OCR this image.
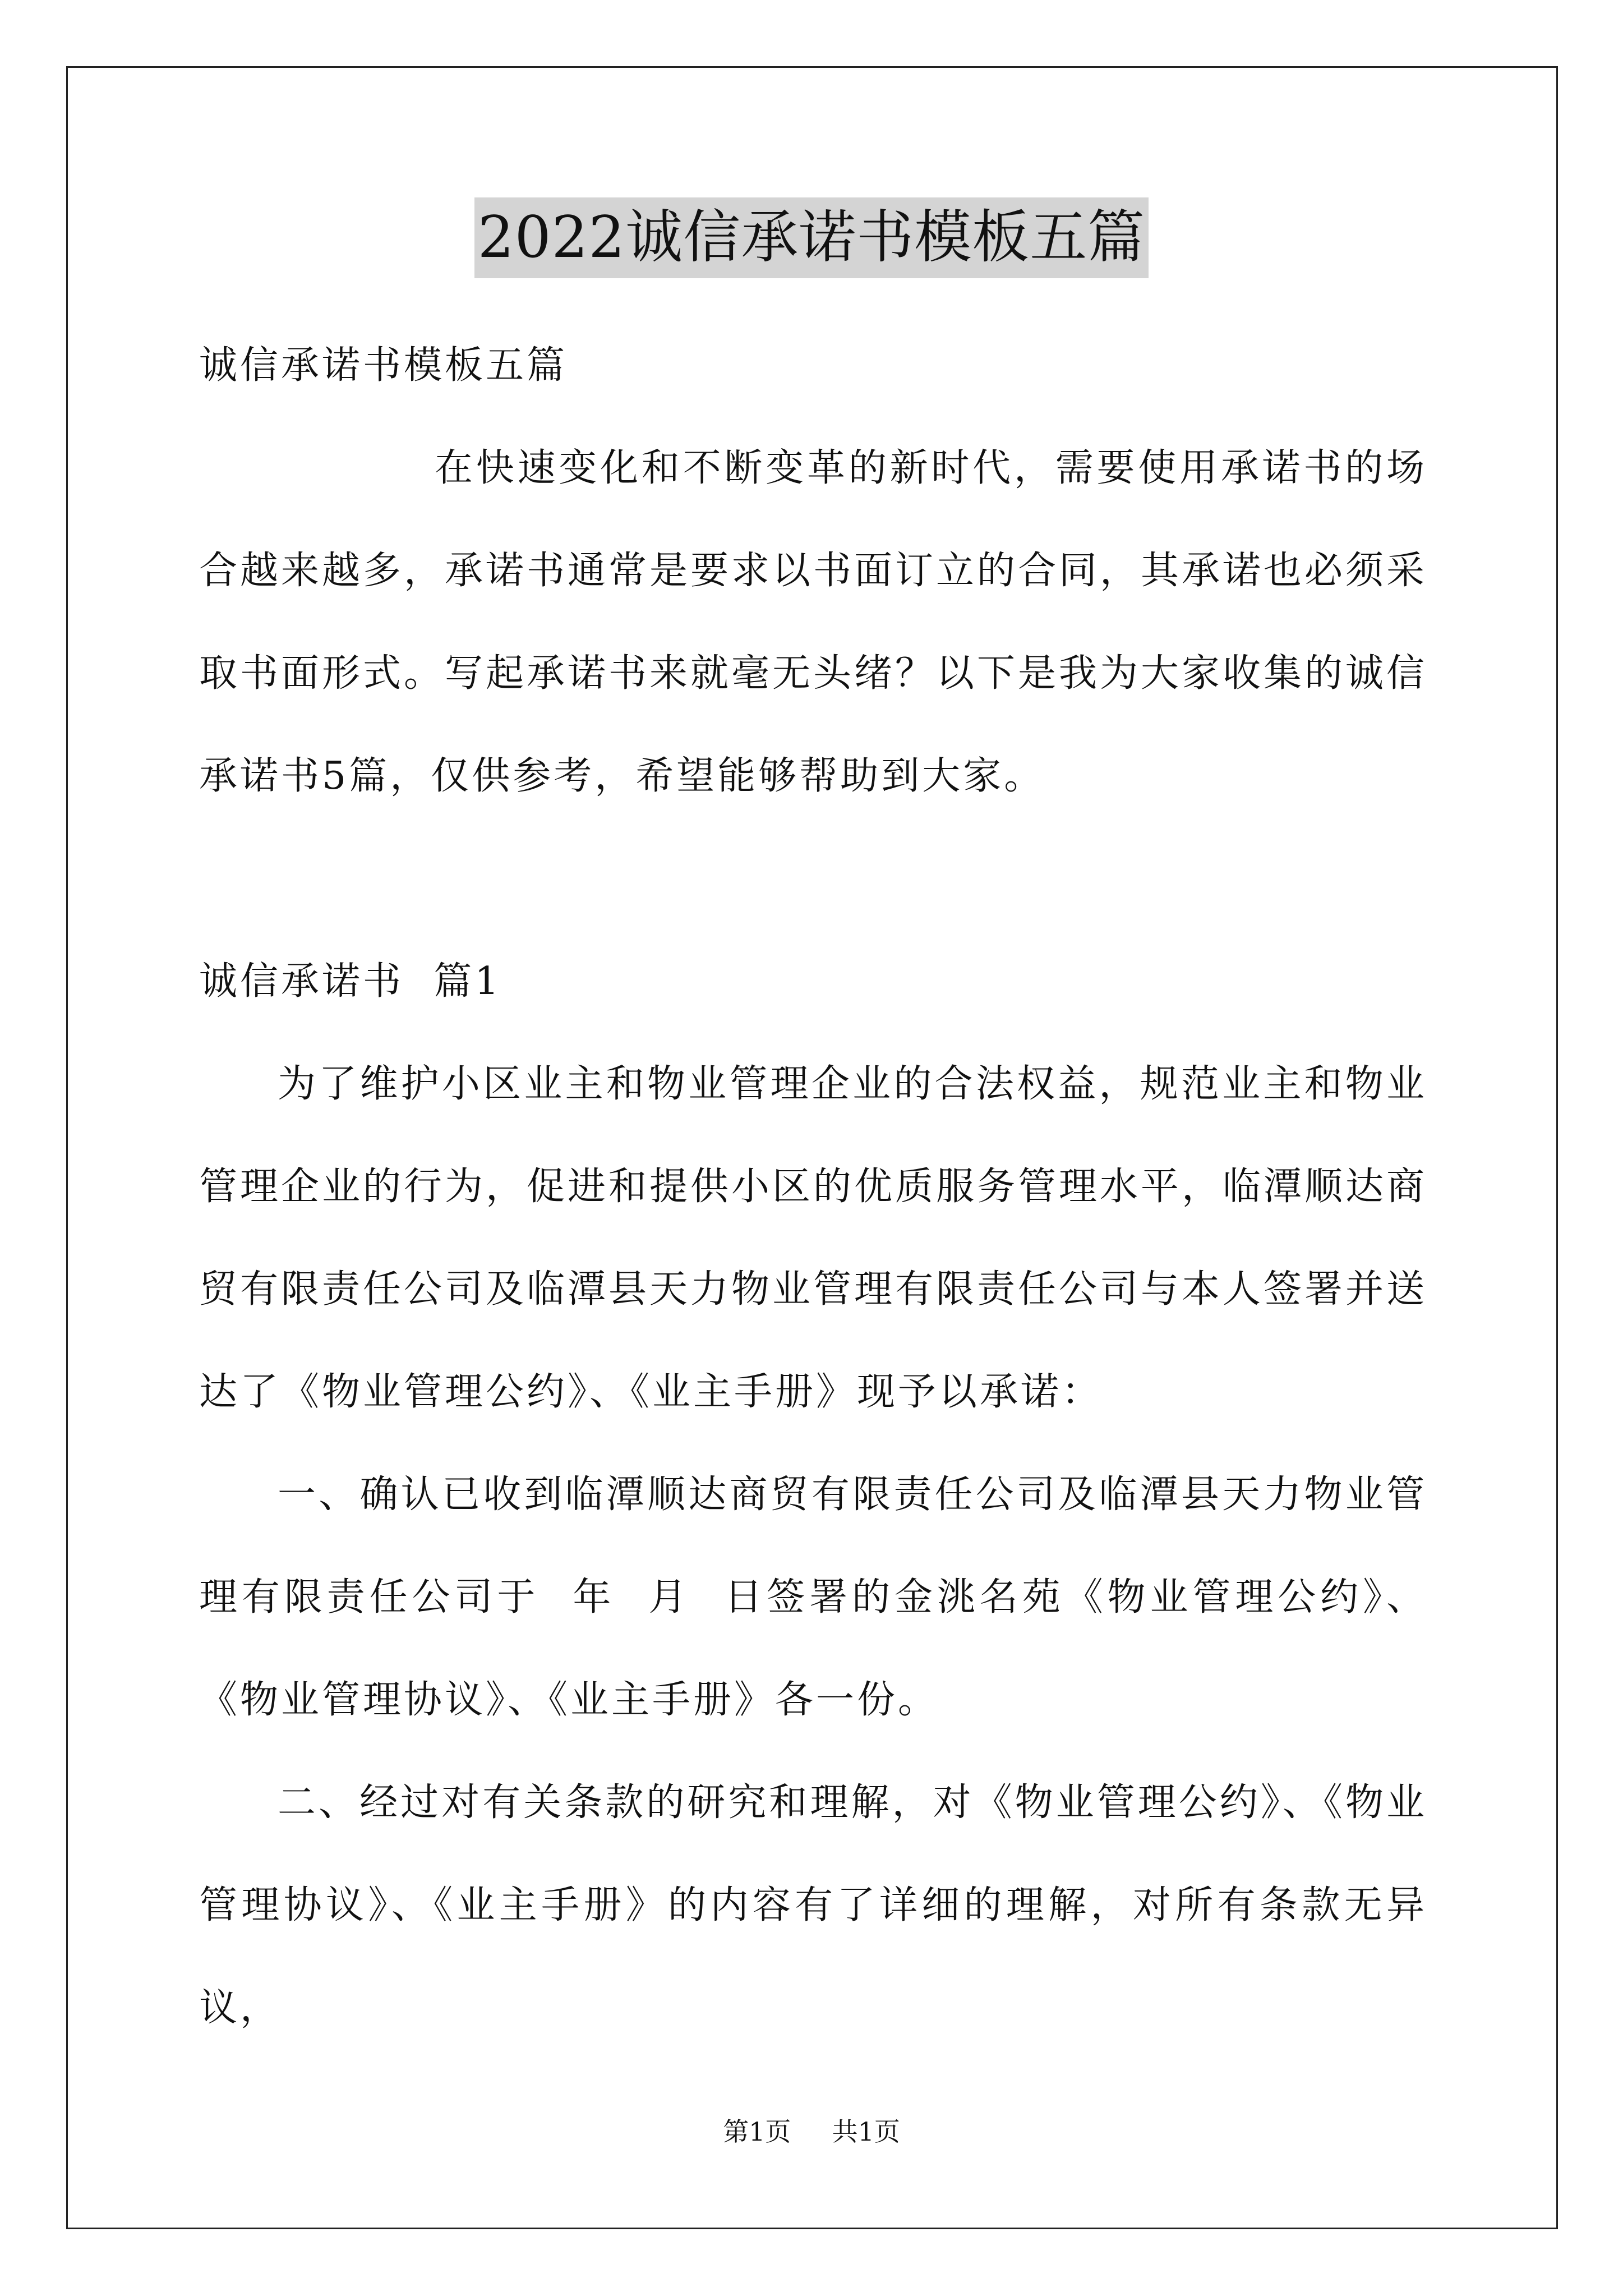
2022诚信承诺书模板五篇

诚信承诺书模板五篇

在快速变化和不断变革的新时代，需要使用承诺书的场合越来越多，承诺书通常是要求以书面订立的合同，其承诺也必须采取书面形式。写起承诺书来就毫无头绪？以下是我为大家收集的诚信承诺书5篇，仅供参考，希望能够帮助到大家。

诚信承诺书  篇1

为了维护小区业主和物业管理企业的合法权益，规范业主和物业管理企业的行为，促进和提供小区的优质服务管理水平，临潭顺达商贸有限责任公司及临潭县天力物业管理有限责任公司与本人签署并送达了《物业管理公约》、《业主手册》现予以承诺：

一、确认已收到临潭顺达商贸有限责任公司及临潭县天力物业管理有限责任公司于  年  月  日签署的金洮名苑《物业管理公约》、《物业管理协议》、《业主手册》各一份。

二、经过对有关条款的研究和理解，对《物业管理公约》、《物业管理协议》、《业主手册》的内容有了详细的理解，对所有条款无异议，

第1页  共1页
